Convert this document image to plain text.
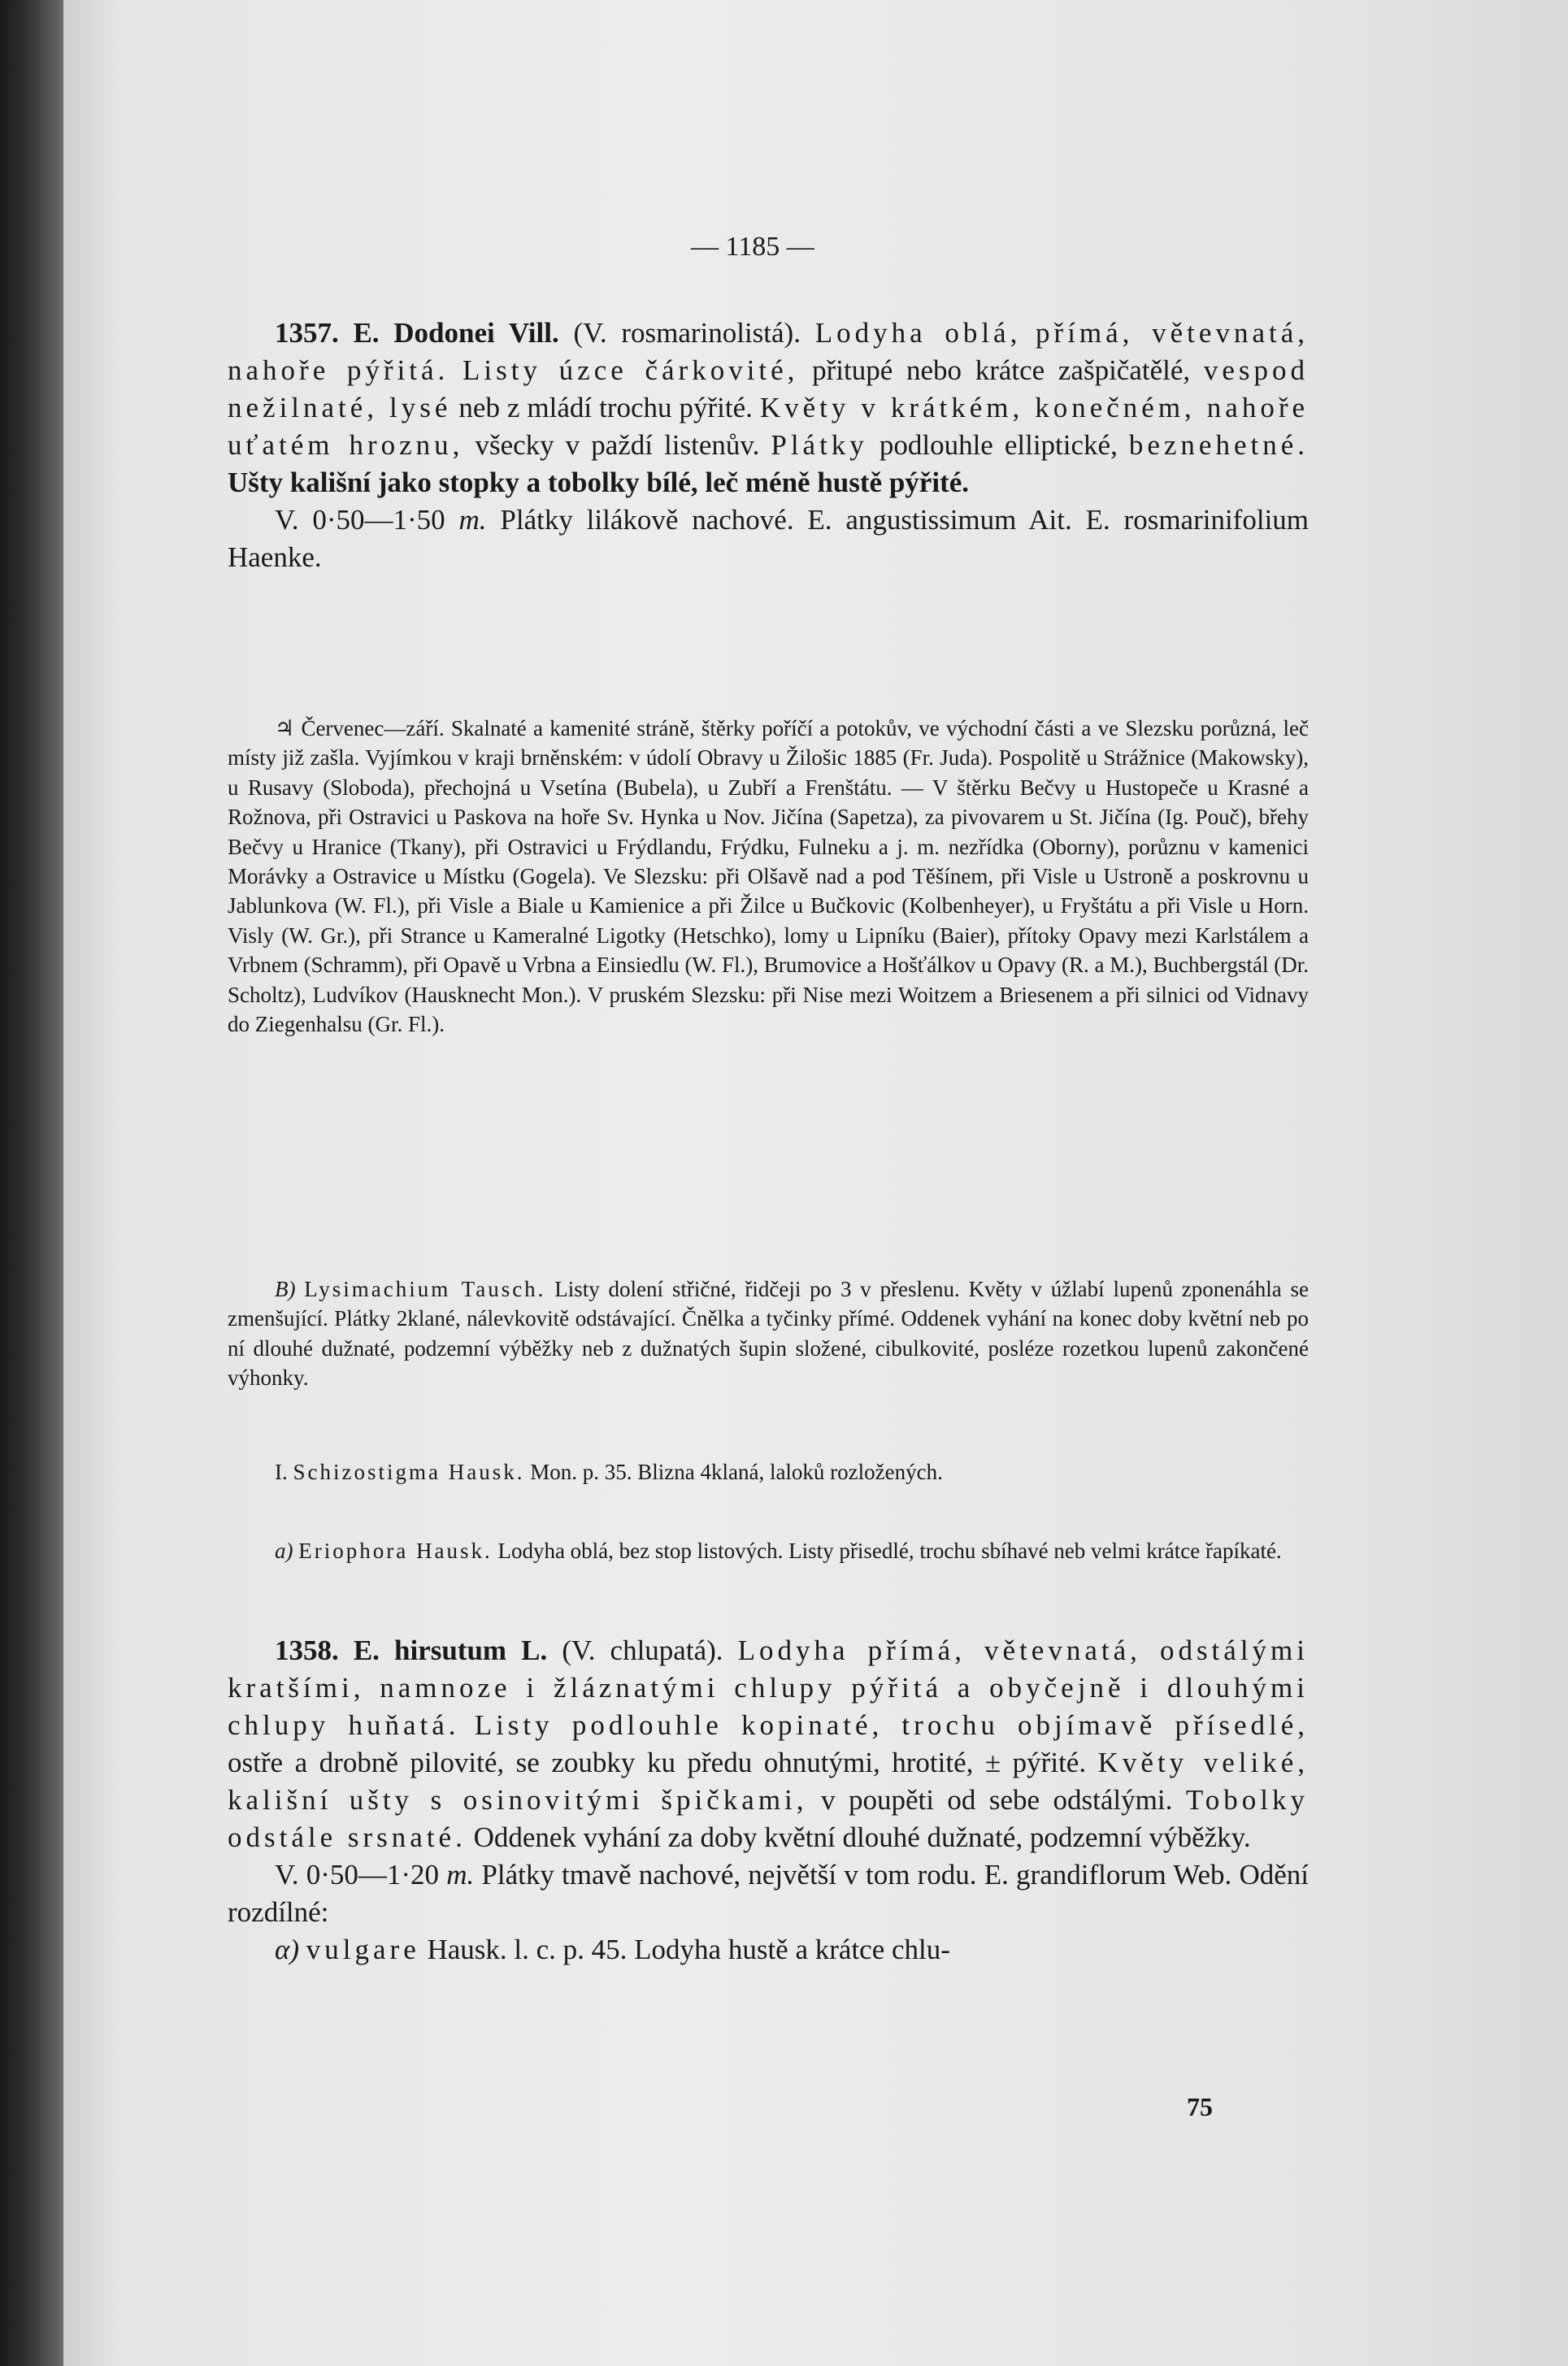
— 1185 —

1357. E. Dodonei Vill. (V. rosmarinolistá). Lodyha oblá, přímá, větevnatá, nahoře pýřitá. Listy úzce čárkovité, přitupé nebo krátce zašpičatělé, vespod nežilnaté, lysé neb z mládí trochu pýřité. Květy v krátkém, konečném, nahoře uťatém hroznu, všecky v paždí listenův. Plátky podlouhle elliptické, beznehetné. Ušty kališní jako stopky a tobolky bílé, leč méně hustě pýřité.

V. 0·50—1·50 m. Plátky lilákově nachové. E. angustissimum Ait. E. rosmarinifolium Haenke.

♃ Červenec—září. Skalnaté a kamenité stráně, štěrky poříčí a potokův, ve východní části a ve Slezsku porůzná, leč místy již zašla. Vyjímkou v kraji brněnském: v údolí Obravy u Žilošic 1885 (Fr. Juda). Pospolitě u Strážnice (Makowsky), u Rusavy (Sloboda), přechojná u Vsetína (Bubela), u Zubří a Frenštátu. — V štěrku Bečvy u Hustopeče u Krasné a Rožnova, při Ostravici u Paskova na hoře Sv. Hynka u Nov. Jičína (Sapetza), za pivovarem u St. Jičína (Ig. Pouč), břehy Bečvy u Hranice (Tkany), při Ostravici u Frýdlandu, Frýdku, Fulneku a j. m. nezřídka (Oborny), porůznu v kamenici Morávky a Ostravice u Místku (Gogela). Ve Slezsku: při Olšavě nad a pod Těšínem, při Visle u Ustroně a poskrovnu u Jablunkova (W. Fl.), při Visle a Biale u Kamienice a při Žilce u Bučkovic (Kolbenheyer), u Fryštátu a při Visle u Horn. Visly (W. Gr.), při Strance u Kameralné Ligotky (Hetschko), lomy u Lipníku (Baier), přítoky Opavy mezi Karlstálem a Vrbnem (Schramm), při Opavě u Vrbna a Einsiedlu (W. Fl.), Brumovice a Hošťálkov u Opavy (R. a M.), Buchbergstál (Dr. Scholtz), Ludvíkov (Hausknecht Mon.). V pruském Slezsku: při Nise mezi Woitzem a Briesenem a při silnici od Vidnavy do Ziegenhalsu (Gr. Fl.).

B) Lysimachium Tausch. Listy dolení střičné, řidčeji po 3 v přeslenu. Květy v úžlabí lupenů zponenáhla se zmenšující. Plátky 2klané, nálevkovitě odstávající. Čnělka a tyčinky přímé. Oddenek vyhání na konec doby květní neb po ní dlouhé dužnaté, podzemní výběžky neb z dužnatých šupin složené, cibulkovité, posléze rozetkou lupenů zakončené výhonky.

I. Schizostigma Hausk. Mon. p. 35. Blizna 4klaná, laloků rozložených.

a) Eriophora Hausk. Lodyha oblá, bez stop listových. Listy přisedlé, trochu sbíhavé neb velmi krátce řapíkaté.

1358. E. hirsutum L. (V. chlupatá). Lodyha přímá, větevnatá, odstálými kratšími, namnoze i žláznatými chlupy pýřitá a obyčejně i dlouhými chlupy huňatá. Listy podlouhle kopinaté, trochu objímavě přísedlé, ostře a drobně pilovité, se zoubky ku předu ohnutými, hrotité, ± pýřité. Květy veliké, kališní ušty s osinovitými špičkami, v poupěti od sebe odstálými. Tobolky odstále srsnaté. Oddenek vyhání za doby květní dlouhé dužnaté, podzemní výběžky.

V. 0·50—1·20 m. Plátky tmavě nachové, největší v tom rodu. E. grandiflorum Web. Odění rozdílné:

α) vulgare Hausk. l. c. p. 45. Lodyha hustě a krátce chlu-

75
